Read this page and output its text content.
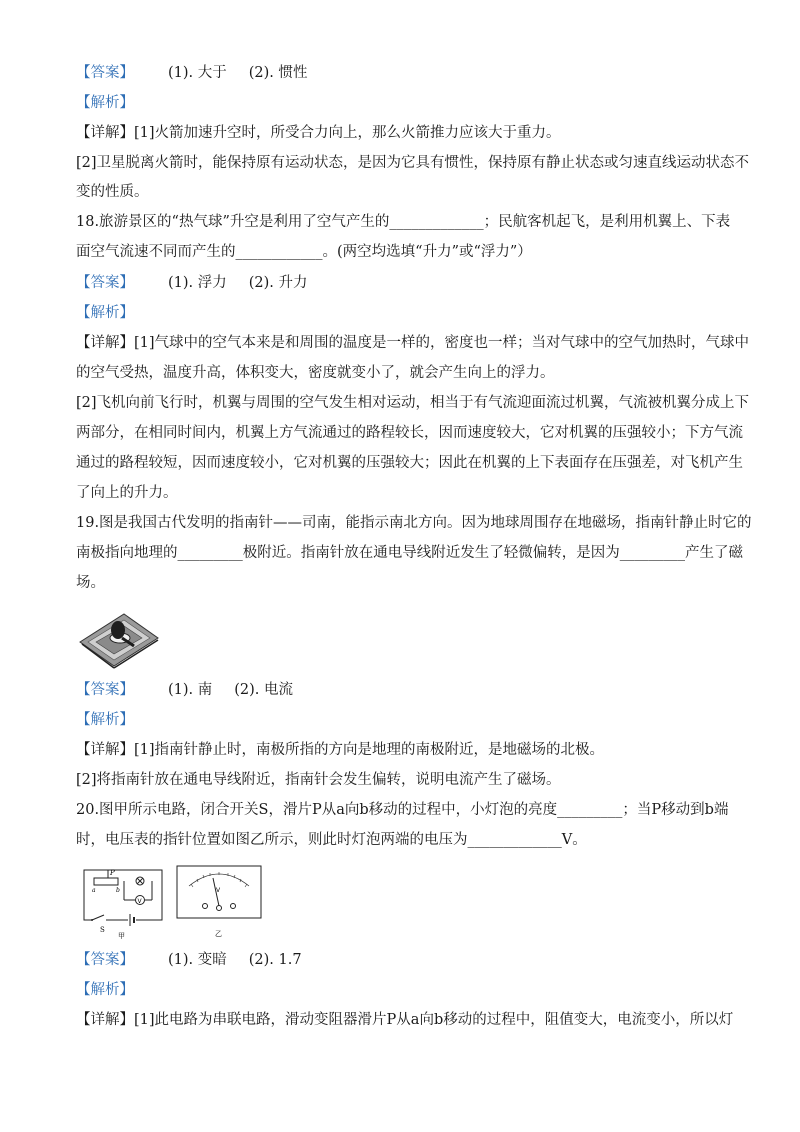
【答案】 (1). 大于 (2). 惯性
【解析】
【详解】[1]火箭加速升空时，所受合力向上，那么火箭推力应该大于重力。
[2]卫星脱离火箭时，能保持原有运动状态，是因为它具有惯性，保持原有静止状态或匀速直线运动状态不
变的性质。
18.旅游景区的“热气球”升空是利用了空气产生的_____________；民航客机起飞，是利用机翼上、下表
面空气流速不同而产生的____________。(两空均选填“升力”或“浮力”）
【答案】 (1). 浮力 (2). 升力
【解析】
【详解】[1]气球中的空气本来是和周围的温度是一样的，密度也一样；当对气球中的空气加热时，气球中
的空气受热，温度升高，体积变大，密度就变小了，就会产生向上的浮力。
[2]飞机向前飞行时，机翼与周围的空气发生相对运动，相当于有气流迎面流过机翼，气流被机翼分成上下
两部分，在相同时间内，机翼上方气流通过的路程较长，因而速度较大，它对机翼的压强较小；下方气流
通过的路程较短，因而速度较小，它对机翼的压强较大；因此在机翼的上下表面存在压强差，对飞机产生
了向上的升力。
19.图是我国古代发明的指南针——司南，能指示南北方向。因为地球周围存在地磁场，指南针静止时它的
南极指向地理的_________极附近。指南针放在通电导线附近发生了轻微偏转，是因为_________产生了磁
场。
【答案】 (1). 南 (2). 电流
【解析】
【详解】[1]指南针静止时，南极所指的方向是地理的南极附近，是地磁场的北极。
[2]将指南针放在通电导线附近，指南针会发生偏转，说明电流产生了磁场。
20.图甲所示电路，闭合开关S，滑片P从a向b移动的过程中，小灯泡的亮度_________；当P移动到b端
时，电压表的指针位置如图乙所示，则此时灯泡两端的电压为_____________V。
P
a	b
V
S
甲
V
乙
【答案】 (1). 变暗 (2). 1.7
【解析】
【详解】[1]此电路为串联电路，滑动变阻器滑片P从a向b移动的过程中，阻值变大，电流变小，所以灯
